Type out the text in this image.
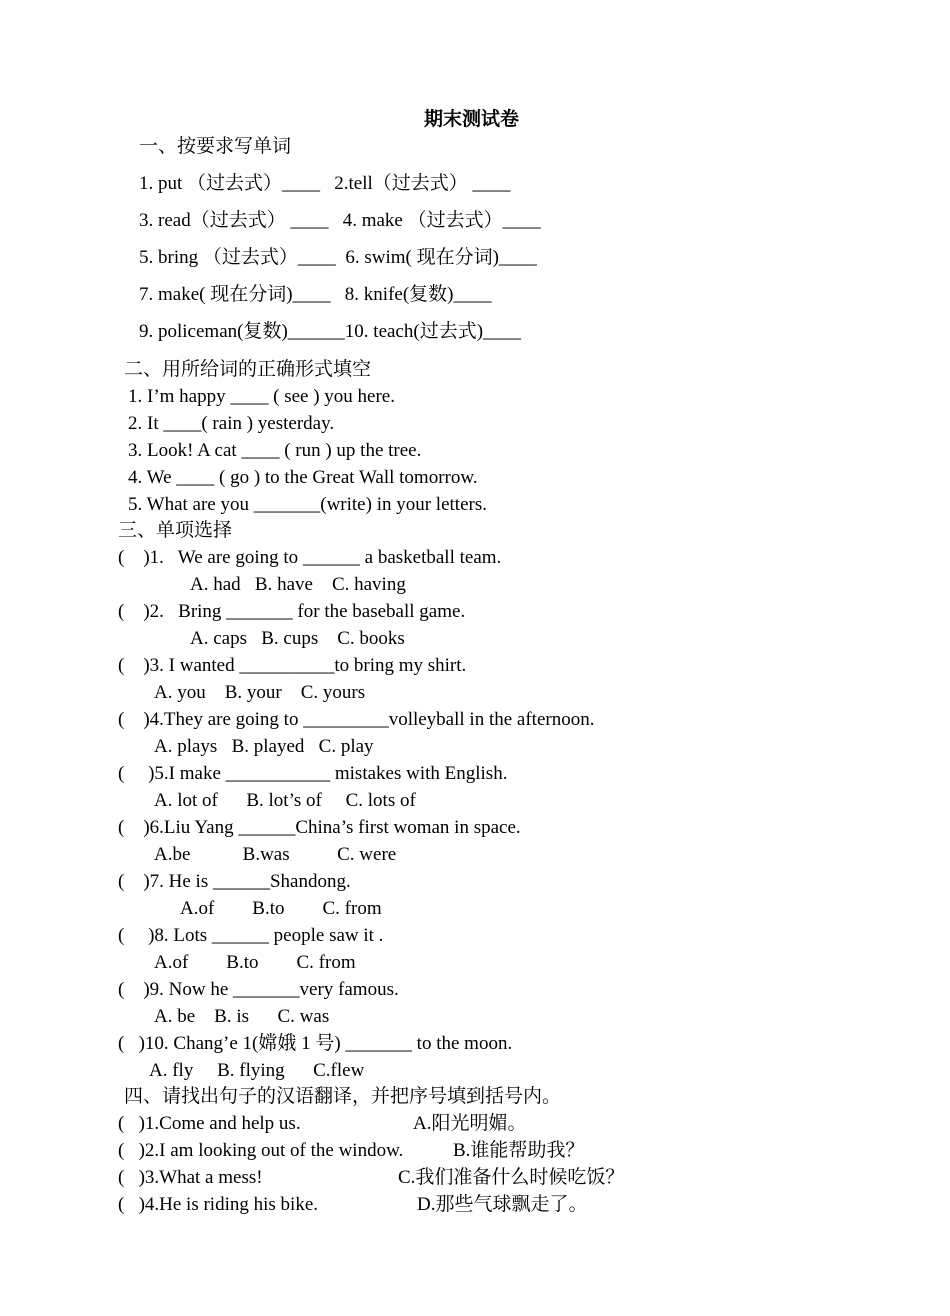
期末测试卷
一、按要求写单词
1. put （过去式）____   2.tell（过去式） ____
3. read（过去式） ____   4. make （过去式）____
5. bring （过去式）____  6. swim( 现在分词)____
7. make( 现在分词)____   8. knife(复数)____
9. policeman(复数)______10. teach(过去式)____
二、用所给词的正确形式填空
1. I’m happy ____ ( see ) you here.
2. It ____( rain ) yesterday.
3. Look! A cat ____ ( run ) up the tree.
4. We ____ ( go ) to the Great Wall tomorrow.
5. What are you _______(write) in your letters.
三、单项选择
(    )1.   We are going to ______ a basketball team.
A. had   B. have    C. having
(    )2.   Bring _______ for the baseball game.
A. caps   B. cups    C. books
(    )3. I wanted __________to bring my shirt.
A. you    B. your    C. yours
(    )4.They are going to _________volleyball in the afternoon.
A. plays   B. played   C. play
(     )5.I make ___________ mistakes with English.
A. lot of      B. lot’s of     C. lots of
(    )6.Liu Yang ______China’s first woman in space.
A.be           B.was          C. were
(    )7. He is ______Shandong.
A.of        B.to        C. from
(     )8. Lots ______ people saw it .
A.of        B.to        C. from
(    )9. Now he _______very famous.
A. be    B. is      C. was
(   )10. Chang’e 1(嫦娥 1 号) _______ to the moon.
A. fly     B. flying      C.flew
四、请找出句子的汉语翻译，并把序号填到括号内。
(   )1.Come and help us.	A.阳光明媚。
(   )2.I am looking out of the window.	B.谁能帮助我？
(   )3.What a mess!	C.我们准备什么时候吃饭？
(   )4.He is riding his bike.	D.那些气球飘走了。
